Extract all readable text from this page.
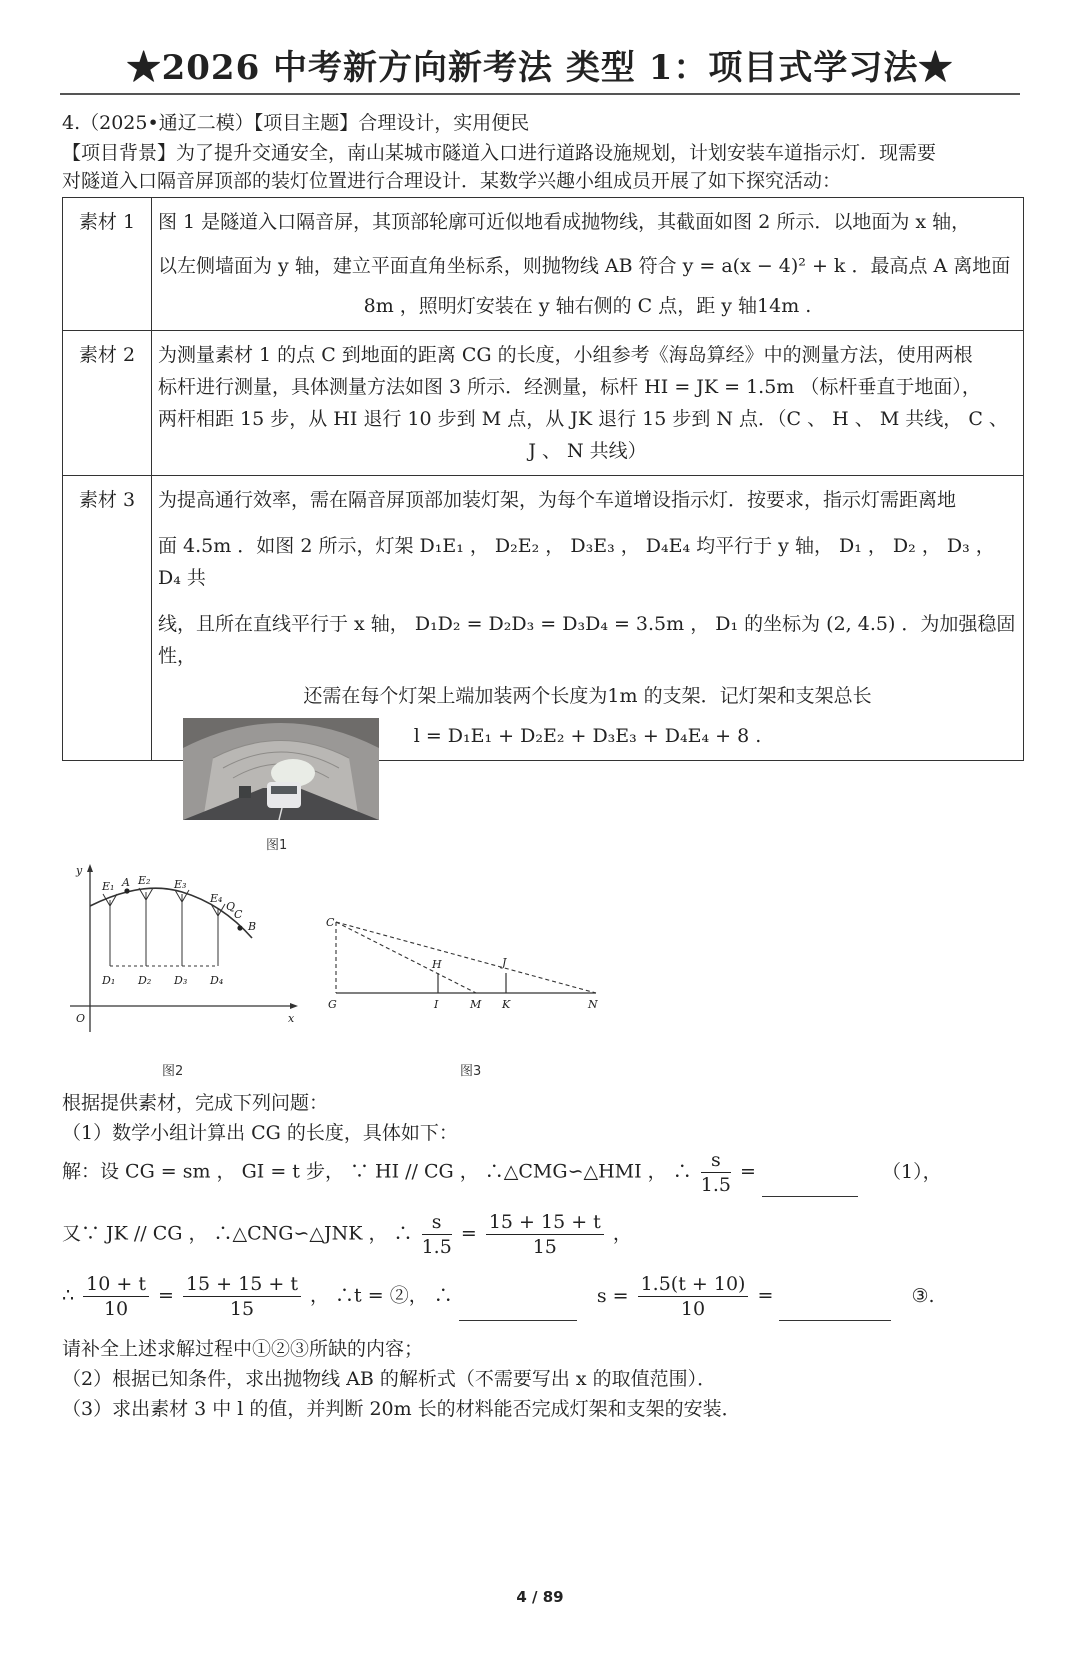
★2026 中考新方向新考法 类型 1：项目式学习法★
4.（2025•通辽二模）【项目主题】合理设计，实用便民
【项目背景】为了提升交通安全，南山某城市隧道入口进行道路设施规划，计划安装车道指示灯．现需要
对隧道入口隔音屏顶部的装灯位置进行合理设计．某数学兴趣小组成员开展了如下探究活动：
素材 1	图 1 是隧道入口隔音屏，其顶部轮廓可近似地看成抛物线，其截面如图 2 所示．以地面为 x 轴，
以左侧墙面为 y 轴，建立平面直角坐标系，则抛物线 AB 符合 y = a(x − 4)² + k ．最高点 A 离地面
8m ，照明灯安装在 y 轴右侧的 C 点，距 y 轴14m .

素材 2	为测量素材 1 的点 C 到地面的距离 CG 的长度，小组参考《海岛算经》中的测量方法，使用两根
标杆进行测量，具体测量方法如图 3 所示．经测量，标杆 HI = JK = 1.5m （标杆垂直于地面），
两杆相距 15 步，从 HI 退行 10 步到 M 点，从 JK 退行 15 步到 N 点．（C 、 H 、 M 共线， C 、
J 、 N 共线）

素材 3	为提高通行效率，需在隔音屏顶部加装灯架，为每个车道增设指示灯．按要求，指示灯需距离地
面 4.5m ．如图 2 所示，灯架 D₁E₁ ， D₂E₂ ， D₃E₃ ， D₄E₄ 均平行于 y 轴， D₁ ， D₂ ， D₃ ， D₄ 共
线，且所在直线平行于 x 轴， D₁D₂ = D₂D₃ = D₃D₄ = 3.5m ， D₁ 的坐标为 (2, 4.5) ．为加强稳固性，
还需在每个灯架上端加装两个长度为1m 的支架．记灯架和支架总长
l = D₁E₁ + D₂E₂ + D₃E₃ + D₄E₄ + 8 .
图1
y
x
O
E₁ A E₂ E₃
E₄
Q
C
B
D₁ D₂ D₃ D₄
图2
C
G
H
I	M
J
K	N
图3
根据提供素材，完成下列问题：
（1）数学小组计算出 CG 的长度，具体如下：
解：设 CG = sm ， GI = t 步， ∵ HI // CG ， ∴△CMG∽△HMI ， ∴ $\frac{s}{1.5}$ =	（1），
又∵ JK // CG ， ∴△CNG∽△JNK ， ∴ $\frac{s}{1.5} = \frac{15 + 15 + t}{15}$ ，
∴ $\frac{10 + t}{10} = \frac{15 + 15 + t}{15}$ ， ∴t = ②， ∴	$s = \frac{1.5(t + 10)}{10}$ =	③.
请补全上述求解过程中①②③所缺的内容；
（2）根据已知条件，求出抛物线 AB 的解析式（不需要写出 x 的取值范围）．
（3）求出素材 3 中 l 的值，并判断 20m 长的材料能否完成灯架和支架的安装．
4 / 89
